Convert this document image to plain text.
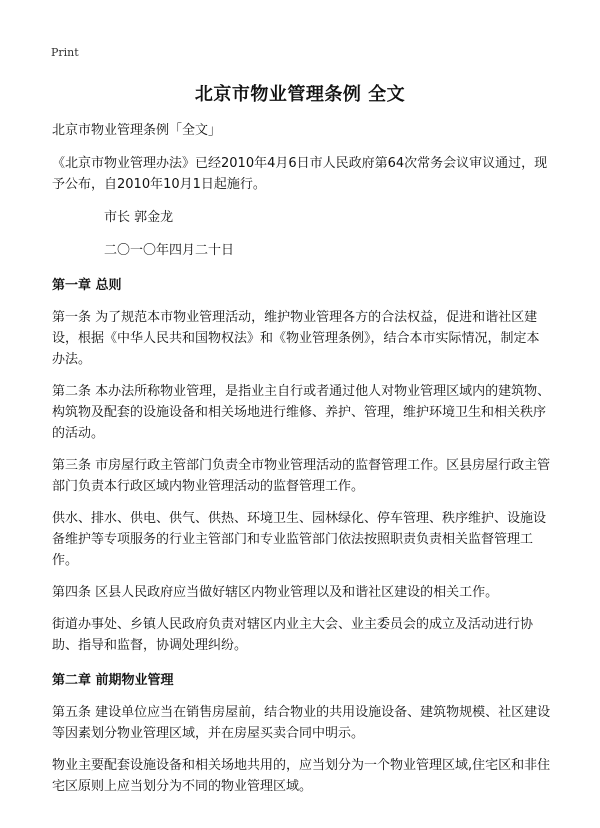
Print
北京市物业管理条例 全文

北京市物业管理条例「全文」

《北京市物业管理办法》已经2010年4月6日市人民政府第64次常务会议审议通过，现予公布，自2010年10月1日起施行。

市长 郭金龙

二〇一〇年四月二十日

第一章 总则

第一条 为了规范本市物业管理活动，维护物业管理各方的合法权益，促进和谐社区建设，根据《中华人民共和国物权法》和《物业管理条例》，结合本市实际情况，制定本办法。

第二条 本办法所称物业管理，是指业主自行或者通过他人对物业管理区域内的建筑物、构筑物及配套的设施设备和相关场地进行维修、养护、管理，维护环境卫生和相关秩序的活动。

第三条 市房屋行政主管部门负责全市物业管理活动的监督管理工作。区县房屋行政主管部门负责本行政区域内物业管理活动的监督管理工作。

供水、排水、供电、供气、供热、环境卫生、园林绿化、停车管理、秩序维护、设施设备维护等专项服务的行业主管部门和专业监管部门依法按照职责负责相关监督管理工作。

第四条 区县人民政府应当做好辖区内物业管理以及和谐社区建设的相关工作。

街道办事处、乡镇人民政府负责对辖区内业主大会、业主委员会的成立及活动进行协助、指导和监督，协调处理纠纷。

第二章 前期物业管理

第五条 建设单位应当在销售房屋前，结合物业的共用设施设备、建筑物规模、社区建设等因素划分物业管理区域，并在房屋买卖合同中明示。

物业主要配套设施设备和相关场地共用的，应当划分为一个物业管理区域,住宅区和非住宅区原则上应当划分为不同的物业管理区域。
